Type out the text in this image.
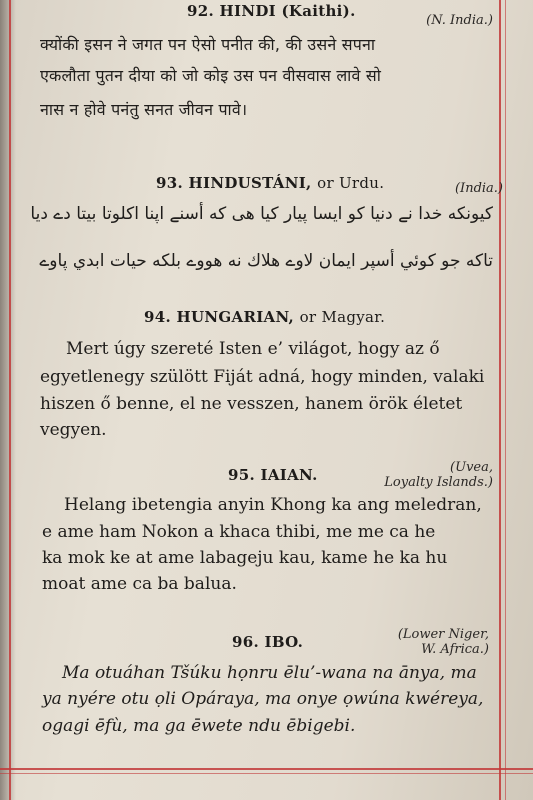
92. HINDI (Kaithi).
(N. India.)
क्योंकी इसन ने जगत पन ऐसो पनीत की, की उसने सपना
एकलौता पुतन दीया को जो कोइ उस पन वीसवास लावे सो
नास न होवे पनंतु सनत जीवन पावे।
93. HINDUSTÁNI, or Urdu.	(India.)
كيونكه خدا نے دنيا كو ايسا پيار كيا هى كه أسنے اپنا اكلوتا بيتا دے ديا
تاكه جو كوئي أسپر ايمان لاوے هلاك نه هووے بلكه حيات ابدي پاوے
94. HUNGARIAN, or Magyar.
Mert úgy szereté Isten e’ világot, hogy az ő
egyetlenegy szülött Fiját adná, hogy minden, valaki
hiszen ő benne, el ne vesszen, hanem örök életet
vegyen.
95. IAIAN.	(Uvea,
Loyalty Islands.)
Helang ibetengia anyin Khong ka ang meledran,
e ame ham Nokon a khaca thibi, me me ca he
ka mok ke at ame labageju kau, kame he ka hu
moat ame ca ba balua.
96. IBO.	(Lower Niger,
W. Africa.)
Ma otuáhan Tšúku họnru ēlu’-wana na ānya, ma
ya nyére otu ọli Opáraya, ma onye ọwúna kwéreya,
ogagi ēfù, ma ga ēwete ndu ēbigebi.
